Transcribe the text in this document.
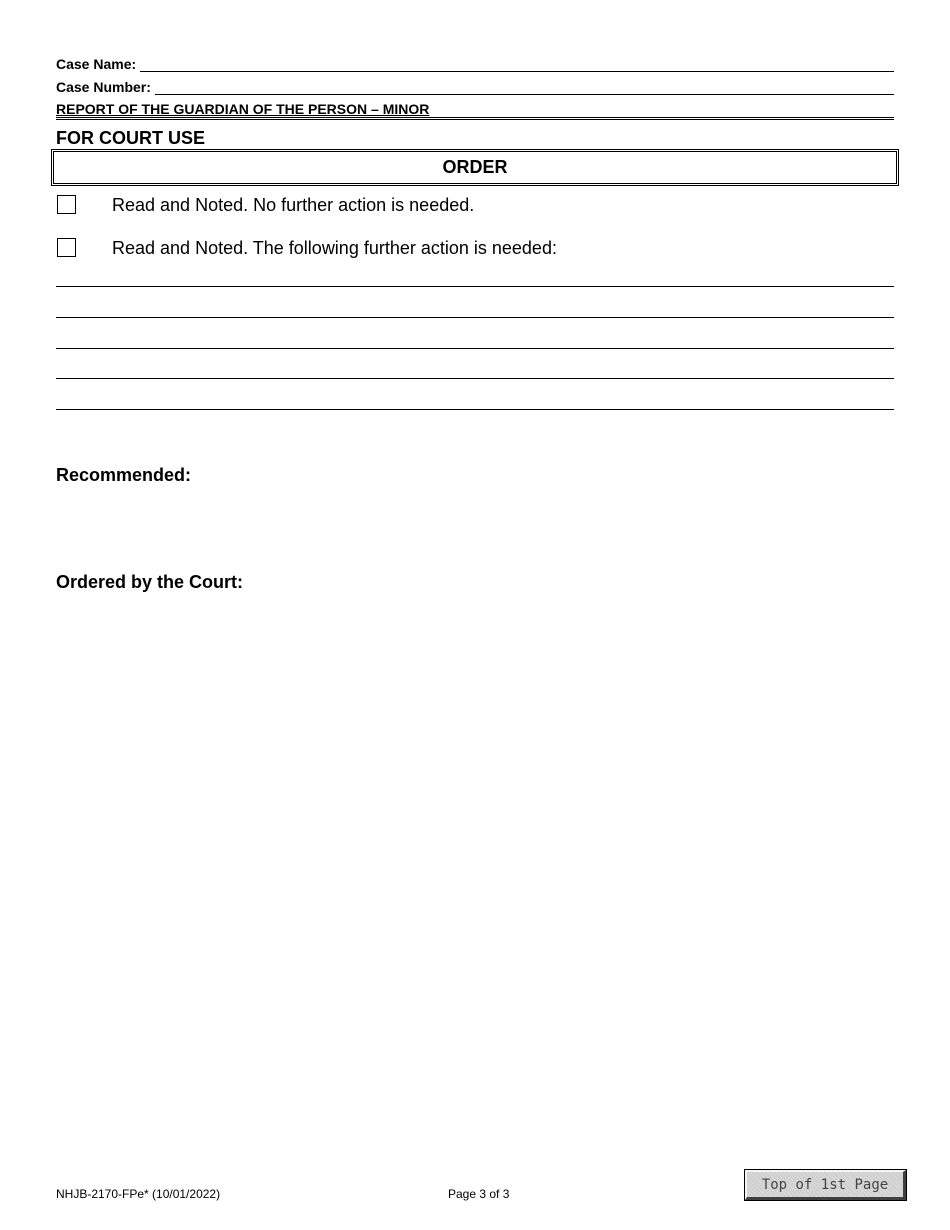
Case Name:
Case Number:
REPORT OF THE GUARDIAN OF THE PERSON – MINOR
FOR COURT USE
ORDER
Read and Noted. No further action is needed.
Read and Noted. The following further action is needed:
Recommended:
Ordered by the Court:
NHJB-2170-FPe* (10/01/2022)	Page 3 of 3
Top of 1st Page
